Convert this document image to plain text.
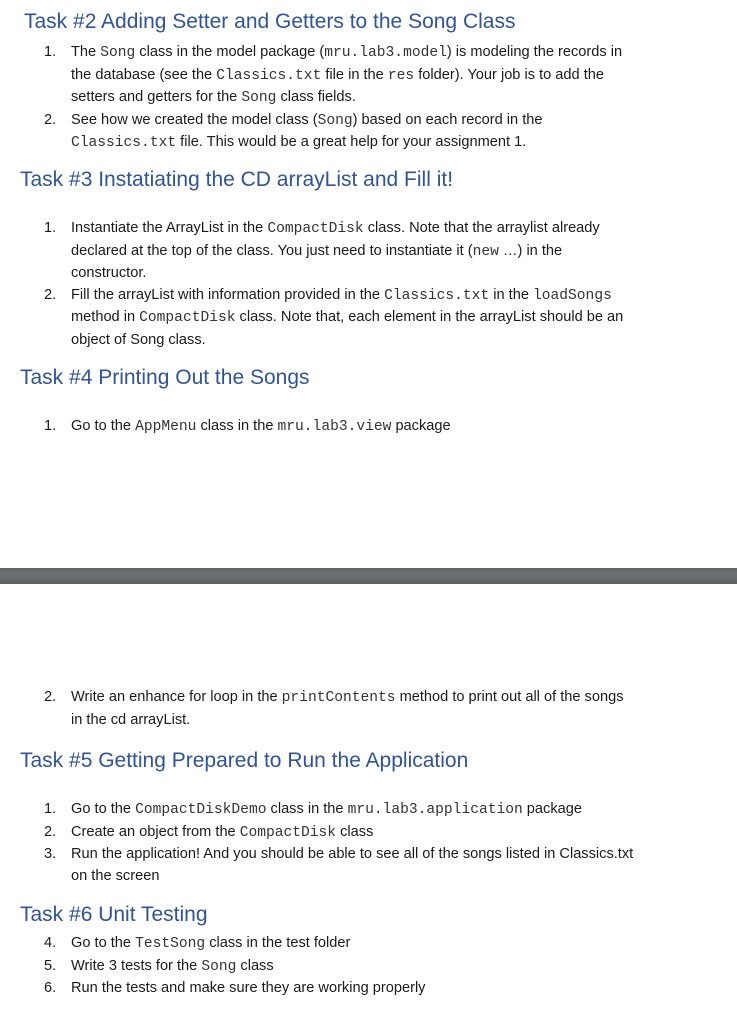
Task #2 Adding Setter and Getters to the Song Class
1. The Song class in the model package (mru.lab3.model) is modeling the records in
the database (see the Classics.txt file in the res folder). Your job is to add the
setters and getters for the Song class fields.
2. See how we created the model class (Song) based on each record in the
Classics.txt file. This would be a great help for your assignment 1.
Task #3 Instatiating the CD arrayList and Fill it!
1. Instantiate the ArrayList in the CompactDisk class. Note that the arraylist already
declared at the top of the class. You just need to instantiate it (new …) in the
constructor.
2. Fill the arrayList with information provided in the Classics.txt in the loadSongs
method in CompactDisk class. Note that, each element in the arrayList should be an
object of Song class.
Task #4 Printing Out the Songs
1. Go to the AppMenu class in the mru.lab3.view package
2. Write an enhance for loop in the printContents method to print out all of the songs
in the cd arrayList.
Task #5 Getting Prepared to Run the Application
1. Go to the CompactDiskDemo class in the mru.lab3.application package
2. Create an object from the CompactDisk class
3. Run the application! And you should be able to see all of the songs listed in Classics.txt
on the screen
Task #6 Unit Testing
4. Go to the TestSong class in the test folder
5. Write 3 tests for the Song class
6. Run the tests and make sure they are working properly
